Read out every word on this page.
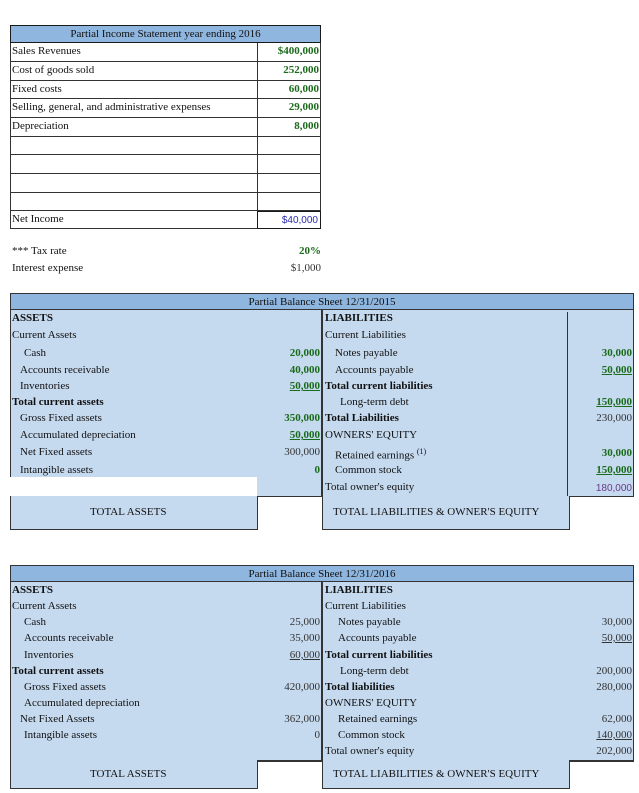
Partial Income Statement year ending 2016
Sales Revenues	$400,000
Cost of goods sold	252,000
Fixed costs	60,000
Selling, general, and administrative expenses	29,000
Depreciation	8,000
Net Income	$40,000
*** Tax rate	20%
Interest expense	$1,000
Partial Balance Sheet 12/31/2015
ASSETS
Current Assets
Cash	20,000
Accounts receivable	40,000
Inventories	50,000
Total current assets
Gross Fixed assets	350,000
Accumulated depreciation	50,000
Net Fixed assets	300,000
Intangible assets	0
TOTAL ASSETS
LIABILITIES
Current Liabilities
Notes payable	30,000
Accounts payable	50,000
Total current liabilities
Long-term debt	150,000
Total Liabilities	230,000
OWNERS' EQUITY
Retained earnings $^{(1)}$	30,000
Common stock	150,000
Total owner's equity	180,000
TOTAL LIABILITIES & OWNER'S EQUITY
Partial Balance Sheet 12/31/2016
ASSETS
Current Assets
Cash	25,000
Accounts receivable	35,000
Inventories	60,000
Total current assets
Gross Fixed assets	420,000
Accumulated depreciation
Net Fixed Assets	362,000
Intangible assets	0
TOTAL ASSETS
LIABILITIES
Current Liabilities
Notes payable	30,000
Accounts payable	50,000
Total current liabilities
Long-term debt	200,000
Total liabilities	280,000
OWNERS' EQUITY
Retained earnings	62,000
Common stock	140,000
Total owner's equity	202,000
TOTAL LIABILITIES & OWNER'S EQUITY
